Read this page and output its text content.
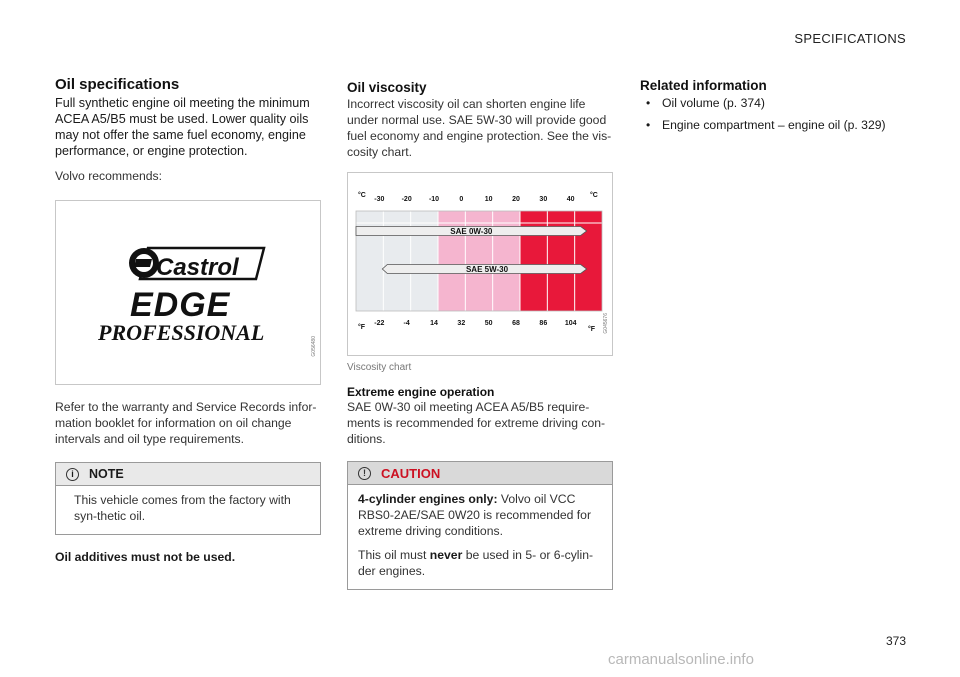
SPECIFICATIONS
Oil specifications

Full synthetic engine oil meeting the minimum ACEA A5/B5 must be used. Lower quality oils may not offer the same fuel economy, engine performance, or engine protection.

Volvo recommends:

Castrol
EDGE
PROFESSIONAL
G056480

Refer to the warranty and Service Records infor-mation booklet for information on oil change intervals and oil type requirements.

i	NOTE

This vehicle comes from the factory with syn-thetic oil.

Oil additives must not be used.

Oil viscosity

Incorrect viscosity oil can shorten engine life under normal use. SAE 5W-30 will provide good fuel economy and engine protection. See the vis-cosity chart.

-30 -20 -10	0	10	20	30	40
-22	-4	14	32	50	68	86	104
°C	°C
°F	°F
SAE 0W-30
SAE 5W-30
G045676
Viscosity chart
Extreme engine operation

SAE 0W-30 oil meeting ACEA A5/B5 require-ments is recommended for extreme driving con-ditions.

!	CAUTION

4-cylinder engines only: Volvo oil VCC RBS0-2AE/SAE 0W20 is recommended for extreme driving conditions.

This oil must never be used in 5- or 6-cylin-der engines.

Related information
• Oil volume (p. 374)
• Engine compartment – engine oil (p. 329)
373
carmanualsonline.info
